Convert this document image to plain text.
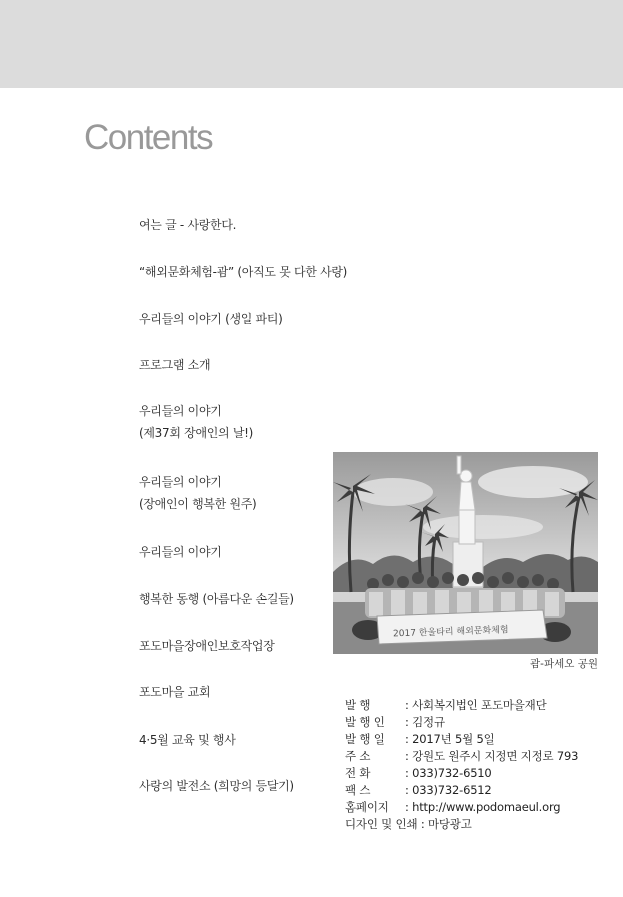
Contents
여는 글 - 사랑한다.
“해외문화체험-괌” (아직도 못 다한 사랑)
우리들의 이야기 (생일 파티)
프로그램 소개
우리들의 이야기
(제37회 장애인의 날!)
우리들의 이야기
(장애인이 행복한 원주)
우리들의 이야기
행복한 동행 (아름다운 손길들)
포도마을장애인보호작업장
포도마을 교회
4·5월 교육 및 행사
사랑의 발전소 (희망의 등달기)
2017 한울타리 해외문화체험
괌-파세오 공원
발 행	: 사회복지법인 포도마을재단
발 행 인 : 김정규
발 행 일 : 2017년 5월 5일
주 소	: 강원도 원주시 지정면 지정로 793
전 화	: 033)732-6510
팩 스	: 033)732-6512
홈페이지 : http://www.podomaeul.org
디자인 및 인쇄 : 마당광고
